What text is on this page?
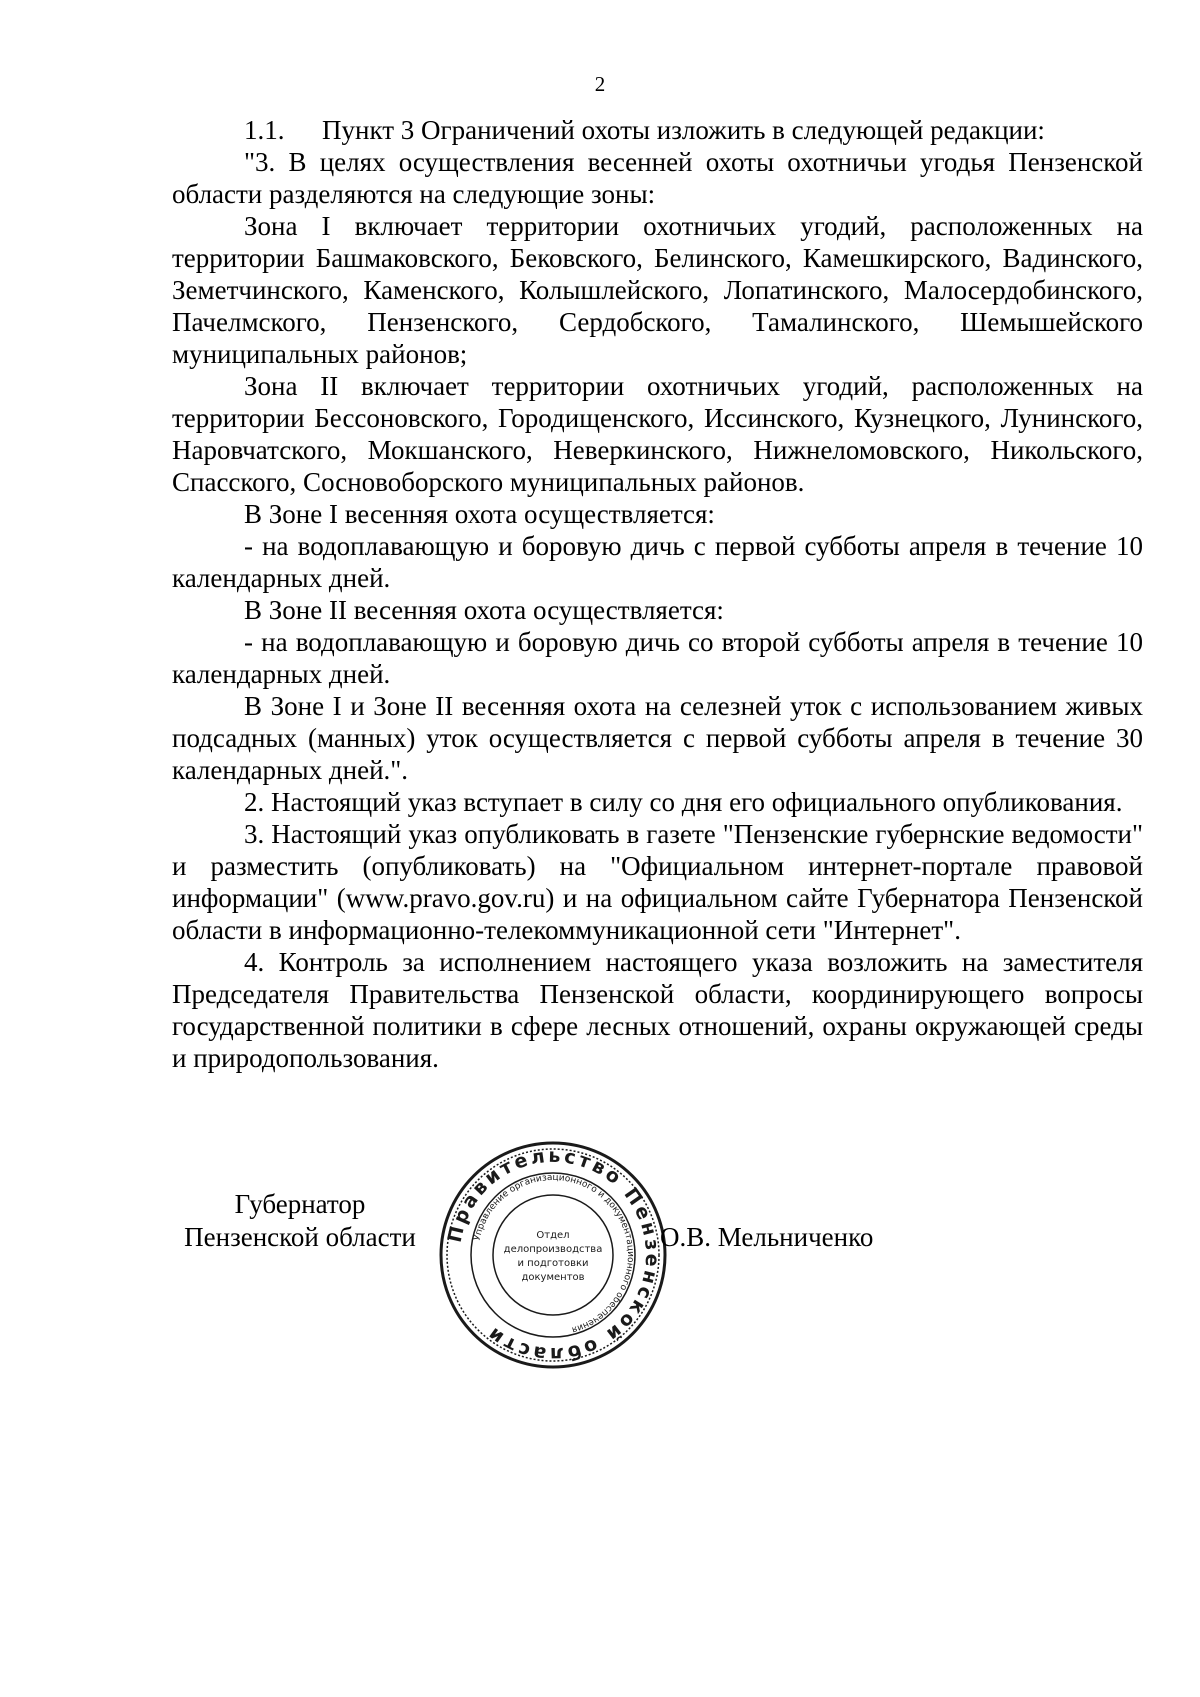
2

1.1. Пункт 3 Ограничений охоты изложить в следующей редакции:

"3. В целях осуществления весенней охоты охотничьи угодья Пензенской области разделяются на следующие зоны:

Зона I включает территории охотничьих угодий, расположенных на территории Башмаковского, Бековского, Белинского, Камешкирского, Вадинского, Земетчинского, Каменского, Колышлейского, Лопатинского, Малосердобинского, Пачелмского, Пензенского, Сердобского, Тамалинского, Шемышейского муниципальных районов;

Зона II включает территории охотничьих угодий, расположенных на территории Бессоновского, Городищенского, Иссинского, Кузнецкого, Лунинского, Наровчатского, Мокшанского, Неверкинского, Нижнеломовского, Никольского, Спасского, Сосновоборского муниципальных районов.

В Зоне I весенняя охота осуществляется:

- на водоплавающую и боровую дичь с первой субботы апреля в течение 10 календарных дней.

В Зоне II весенняя охота осуществляется:

- на водоплавающую и боровую дичь со второй субботы апреля в течение 10 календарных дней.

В Зоне I и Зоне II весенняя охота на селезней уток с использованием живых подсадных (манных) уток осуществляется с первой субботы апреля в течение 30 календарных дней.".

2. Настоящий указ вступает в силу со дня его официального опубликования.

3. Настоящий указ опубликовать в газете "Пензенские губернские ведомости" и разместить (опубликовать) на "Официальном интернет-портале правовой информации" (www.pravo.gov.ru) и на официальном сайте Губернатора Пензенской области в информационно-телекоммуникационной сети "Интернет".

4. Контроль за исполнением настоящего указа возложить на заместителя Председателя Правительства Пензенской области, координирующего вопросы государственной политики в сфере лесных отношений, охраны окружающей среды и природопользования.

Губернатор
Пензенской области	Правительство Пензенской области
Управление организационного и документационного обеспечения
Отдел
делопроизводства
и подготовки
документов
О.В. Мельниченко
